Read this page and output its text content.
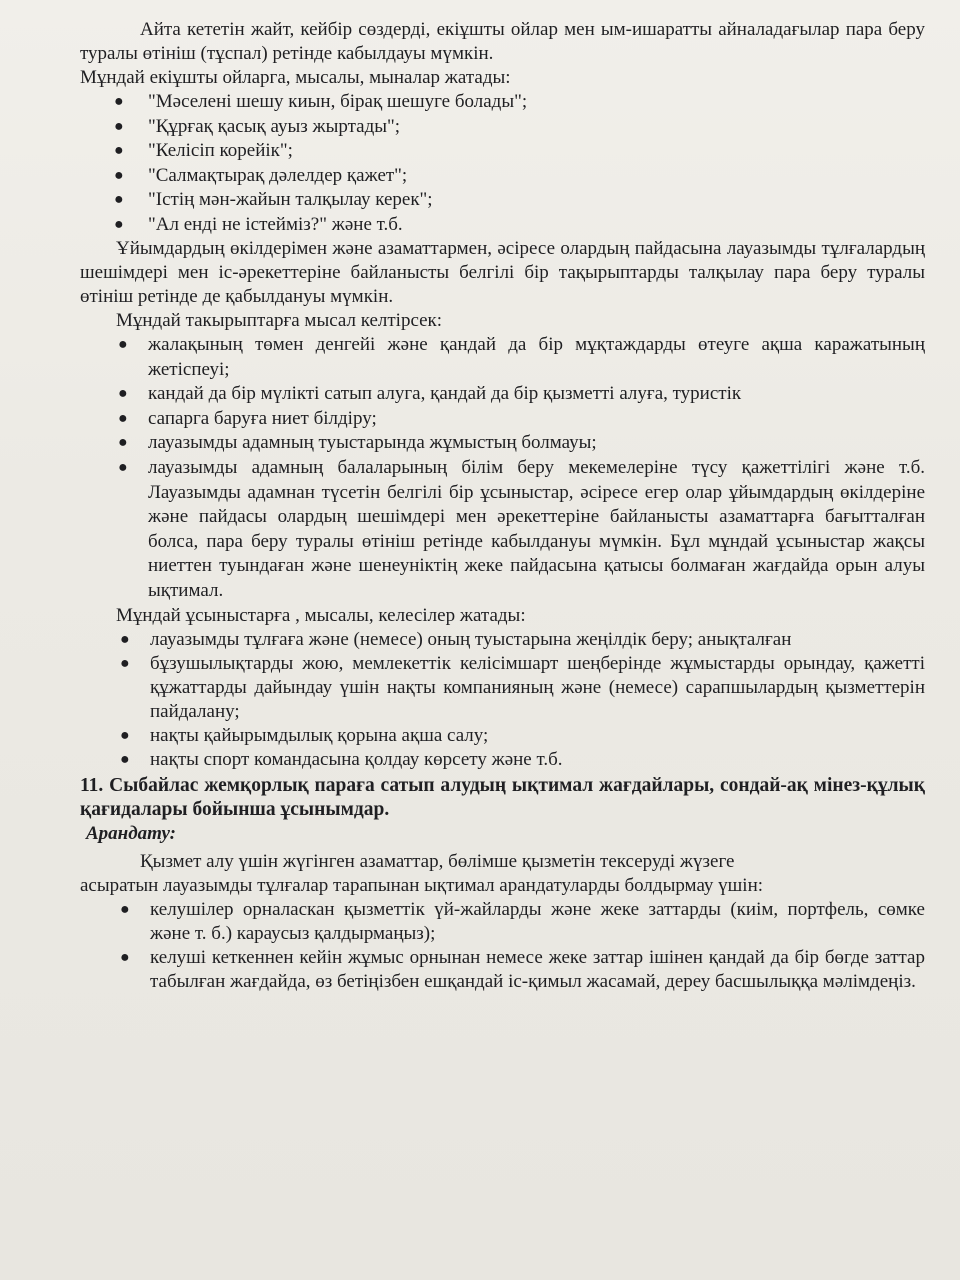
Айта кететін жайт, кейбір сөздерді, екіұшты ойлар мен ым-ишаратты айналадағылар пара беру туралы өтініш (тұспал) ретінде кабылдауы мүмкін.

Мұндай екіұшты ойларга, мысалы, мыналар жатады:

● "Мәселені шешу киын, бірақ шешуге болады";
● "Құрғақ қасық ауыз жыртады";
● "Келісіп корейік";
● "Салмақтырақ дәлелдер қажет";
● "Істің мән-жайын талқылау керек";
● "Ал енді не істейміз?" және т.б.

Ұйымдардың өкілдерімен және азаматтармен, әсіресе олардың пайдасына лауазымды тұлғалардың шешімдері мен іс-әрекеттеріне байланысты белгілі бір тақырыптарды талқылау пара беру туралы өтініш ретінде де қабылдануы мүмкін.

Мұндай такырыптарға мысал келтірсек:

● жалақының төмен денгейі және қандай да бір мұқтаждарды өтеуге ақша каражатының жетіспеуі;
● кандай да бір мүлікті сатып алуга, қандай да бір қызметті алуға, туристік
● сапарга баруға ниет білдіру;
● лауазымды адамның туыстарында жұмыстың болмауы;
● лауазымды адамның балаларының білім беру мекемелеріне түсу қажеттілігі және т.б. Лауазымды адамнан түсетін белгілі бір ұсыныстар, әсіресе егер олар ұйымдардың өкілдеріне және пайдасы олардың шешімдері мен әрекеттеріне байланысты азаматтарға бағытталған болса, пара беру туралы өтініш ретінде кабылдануы мүмкін. Бұл мұндай ұсыныстар жақсы ниеттен туындаған және шенеуніктің жеке пайдасына қатысы болмаған жағдайда орын алуы ықтимал.

Мұндай ұсыныстарға , мысалы, келесілер жатады:

● лауазымды тұлғаға және (немесе) оның туыстарына жеңілдік беру; анықталған
● бұзушылықтарды жою, мемлекеттік келісімшарт шеңберінде жұмыстарды орындау, қажетті құжаттарды дайындау үшін нақты компанияның және (немесе) сарапшылардың қызметтерін пайдалану;
● нақты қайырымдылық қорына ақша салу;
● нақты спорт командасына қолдау көрсету және т.б.

11. Сыбайлас жемқорлық параға сатып алудың ықтимал жағдайлары, сондай-ақ мінез-құлық қағидалары бойынша ұсынымдар.

Арандату:

Қызмет алу үшін жүгінген азаматтар, бөлімше қызметін тексеруді жүзеге

асыратын лауазымды тұлғалар тарапынан ықтимал арандатуларды болдырмау үшін:

● келушілер орналаскан қызметтік үй-жайларды және жеке заттарды (киім, портфель, сөмке және т. б.) караусыз қалдырмаңыз);
● келуші кеткеннен кейін жұмыс орнынан немесе жеке заттар ішінен қандай да бір бөгде заттар табылған жағдайда, өз бетіңізбен ешқандай іс-қимыл жасамай, дереу басшылыққа мәлімдеңіз.
